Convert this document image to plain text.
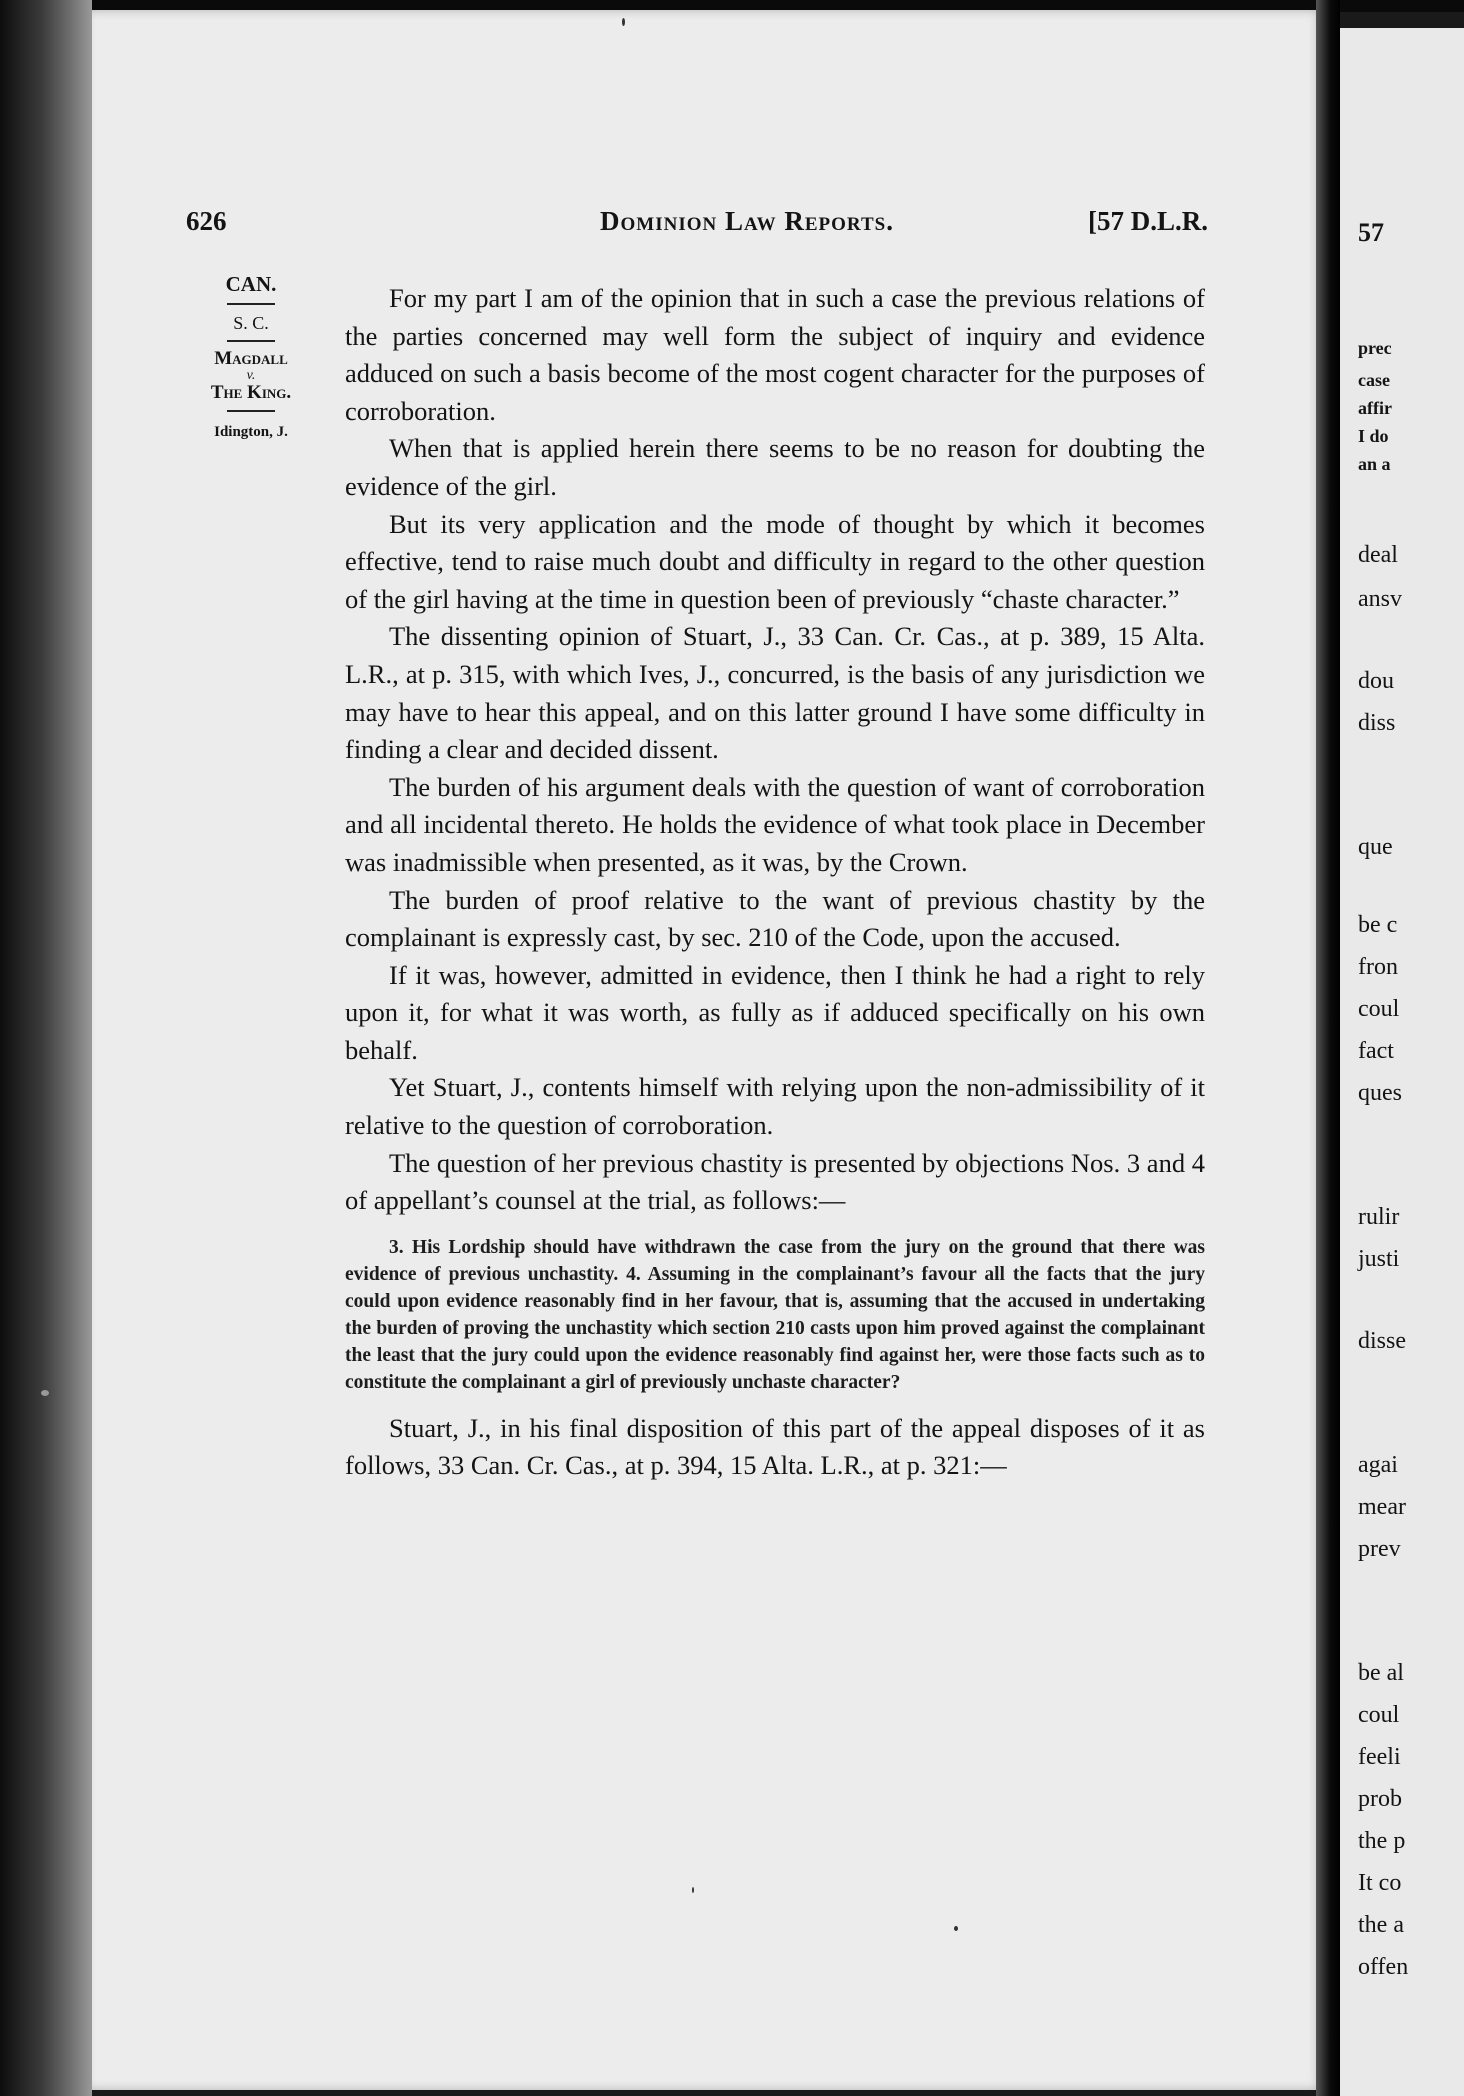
626	Dominion Law Reports.	[57 D.L.R.
CAN.
S. C.
Magdall
v.
The King.
Idington, J.

For my part I am of the opinion that in such a case the previous relations of the parties concerned may well form the subject of inquiry and evidence adduced on such a basis become of the most cogent character for the purposes of corroboration.

When that is applied herein there seems to be no reason for doubting the evidence of the girl.

But its very application and the mode of thought by which it becomes effective, tend to raise much doubt and difficulty in regard to the other question of the girl having at the time in question been of previously “chaste character.”

The dissenting opinion of Stuart, J., 33 Can. Cr. Cas., at p. 389, 15 Alta. L.R., at p. 315, with which Ives, J., concurred, is the basis of any jurisdiction we may have to hear this appeal, and on this latter ground I have some difficulty in finding a clear and decided dissent.

The burden of his argument deals with the question of want of corroboration and all incidental thereto. He holds the evidence of what took place in December was inadmissible when presented, as it was, by the Crown.

The burden of proof relative to the want of previous chastity by the complainant is expressly cast, by sec. 210 of the Code, upon the accused.

If it was, however, admitted in evidence, then I think he had a right to rely upon it, for what it was worth, as fully as if adduced specifically on his own behalf.

Yet Stuart, J., contents himself with relying upon the non-admissibility of it relative to the question of corroboration.

The question of her previous chastity is presented by objections Nos. 3 and 4 of appellant’s counsel at the trial, as follows:—

3. His Lordship should have withdrawn the case from the jury on the ground that there was evidence of previous unchastity. 4. Assuming in the complainant’s favour all the facts that the jury could upon evidence reasonably find in her favour, that is, assuming that the accused in undertaking the burden of proving the unchastity which section 210 casts upon him proved against the complainant the least that the jury could upon the evidence reasonably find against her, were those facts such as to constitute the complainant a girl of previously unchaste character?

Stuart, J., in his final disposition of this part of the appeal disposes of it as follows, 33 Can. Cr. Cas., at p. 394, 15 Alta. L.R., at p. 321:—

57
prec
case
affir
I do
an a
deal
ansv
dou
diss
que
be c
fron
coul
fact
ques
rulir
justi
disse
agai
mear
prev
be al
coul
feeli
prob
the p
It co
the a
offen
